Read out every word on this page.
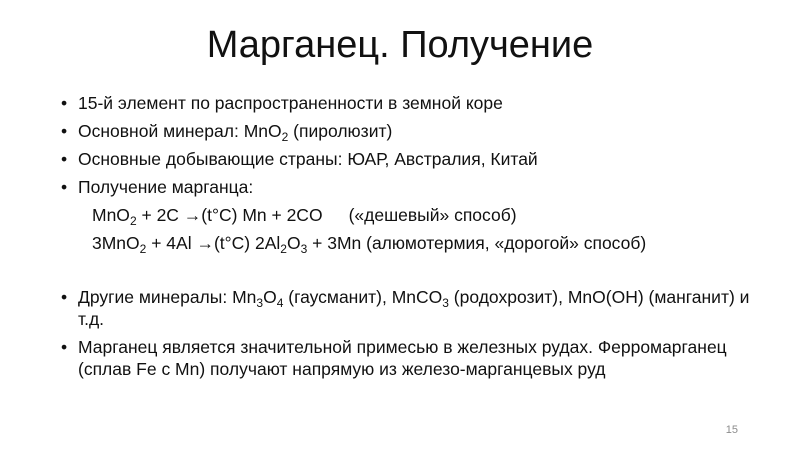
Марганец. Получение
• 15-й элемент по распространенности в земной коре
• Основной минерал: MnO$_2$ (пиролюзит)
• Основные добывающие страны: ЮАР, Австралия, Китай
• Получение марганца:
MnO$_2$ + 2C →(t°C) Mn + 2CO («дешевый» способ)
3MnO$_2$ + 4Al →(t°C) $2Al_2O_3 + 3Mn$ (алюмотермия, «дорогой» способ)
• Другие минералы: $Mn_3O_4$ (гаусманит), MnCO$_3$ (родохрозит), MnO(OH) (манганит) и т.д.
• Марганец является значительной примесью в железных рудах. Ферромарганец (сплав Fe с Mn) получают напрямую из железо-марганцевых руд
15
